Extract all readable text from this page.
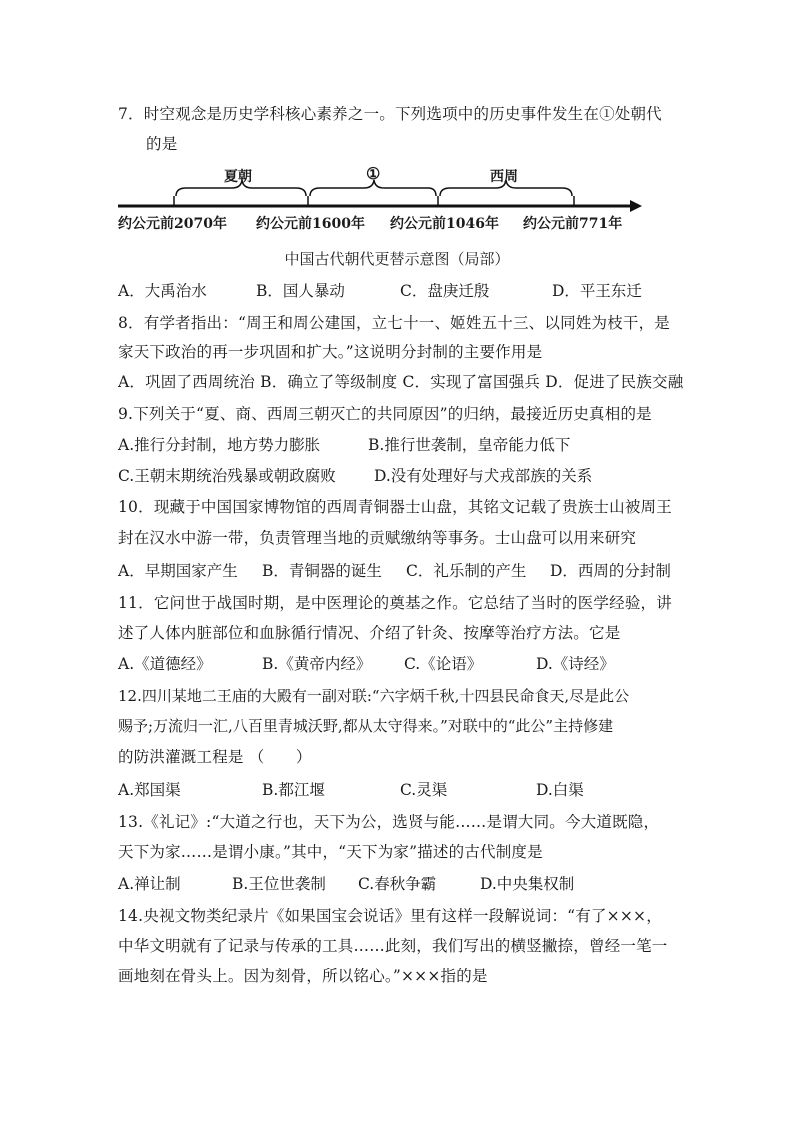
7．时空观念是历史学科核心素养之一。下列选项中的历史事件发生在①处朝代
的是
夏朝	①	西周
约公元前2070年 约公元前1600年 约公元前1046年 约公元前771年
中国古代朝代更替示意图（局部）
A．大禹治水	B．国人暴动	C．盘庚迁殷	D．平王东迁
8．有学者指出：“周王和周公建国，立七十一、姬姓五十三、以同姓为枝干，是
家天下政治的再一步巩固和扩大。”这说明分封制的主要作用是
A．巩固了西周统治 B．确立了等级制度 C．实现了富国强兵 D．促进了民族交融
9.下列关于“夏、商、西周三朝灭亡的共同原因”的归纳，最接近历史真相的是
A.推行分封制，地方势力膨胀	B.推行世袭制，皇帝能力低下
C.王朝末期统治残暴或朝政腐败 D.没有处理好与犬戎部族的关系
10．现藏于中国国家博物馆的西周青铜器士山盘，其铭文记载了贵族士山被周王
封在汉水中游一带，负责管理当地的贡赋缴纳等事务。士山盘可以用来研究
A．早期国家产生 B．青铜器的诞生 C．礼乐制的产生 D．西周的分封制
11．它问世于战国时期，是中医理论的奠基之作。它总结了当时的医学经验，讲
述了人体内脏部位和血脉循行情况、介绍了针灸、按摩等治疗方法。它是
A.《道德经》	B.《黄帝内经》 C.《论语》	D.《诗经》
12.四川某地二王庙的大殿有一副对联:“六字炳千秋,十四县民命食天,尽是此公
赐予;万流归一汇,八百里青城沃野,都从太守得来。”对联中的“此公”主持修建
的防洪灌溉工程是 （　　）
A.郑国渠	B.都江堰	C.灵渠	D.白渠
13.《礼记》:“大道之行也，天下为公，选贤与能……是谓大同。今大道既隐，
天下为家……是谓小康。”其中，“天下为家”描述的古代制度是
A.禅让制	B.王位世袭制 C.春秋争霸	D.中央集权制
14.央视文物类纪录片《如果国宝会说话》里有这样一段解说词：“有了×××，
中华文明就有了记录与传承的工具……此刻，我们写出的横竖撇捺，曾经一笔一
画地刻在骨头上。因为刻骨，所以铭心。”×××指的是
